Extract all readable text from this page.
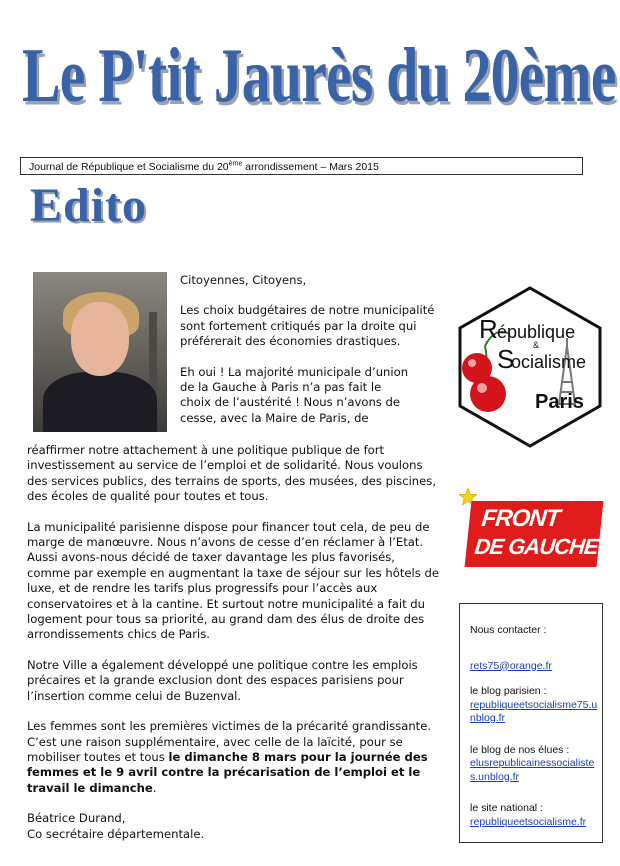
Le P'tit Jaurès du 20ème
Journal de République et Socialisme du 20ème arrondissement – Mars 2015
Edito

Citoyennes, Citoyens,

Les choix budgétaires de notre municipalité sont fortement critiqués par la droite qui préférerait des économies drastiques.

Eh oui ! La majorité municipale d’union
de la Gauche à Paris n’a pas fait le
choix de l’austérité ! Nous n’avons de
cesse, avec la Maire de Paris, de

réaffirmer notre attachement à une politique publique de fort investissement au service de l’emploi et de solidarité. Nous voulons des services publics, des terrains de sports, des musées, des piscines, des écoles de qualité pour toutes et tous.

La municipalité parisienne dispose pour financer tout cela, de peu de marge de manœuvre. Nous n’avons de cesse d’en réclamer à l’Etat. Aussi avons-nous décidé de taxer davantage les plus favorisés, comme par exemple en augmentant la taxe de séjour sur les hôtels de luxe, et de rendre les tarifs plus progressifs pour l’accès aux conservatoires et à la cantine. Et surtout notre municipalité a fait du logement pour tous sa priorité, au grand dam des élus de droite des arrondissements chics de Paris.

Notre Ville a également développé une politique contre les emplois précaires et la grande exclusion dont des espaces parisiens pour l’insertion comme celui de Buzenval.

Les femmes sont les premières victimes de la précarité grandissante. C’est une raison supplémentaire, avec celle de la laïcité, pour se mobiliser toutes et tous le dimanche 8 mars pour la journée des femmes et le 9 avril contre la précarisation de l’emploi et le travail le dimanche.

Béatrice Durand,

Co secrétaire départementale.

R épublique
&
S
ocialisme
Paris
FRONT
DE GAUCHE

Nous contacter :

rets75@orange.fr

le blog parisien :

republiqueetsocialisme75.unblog.fr

le blog de nos élues :

elusrepublicainessocialistes.unblog.fr

le site national :

republiqueetsocialisme.fr
